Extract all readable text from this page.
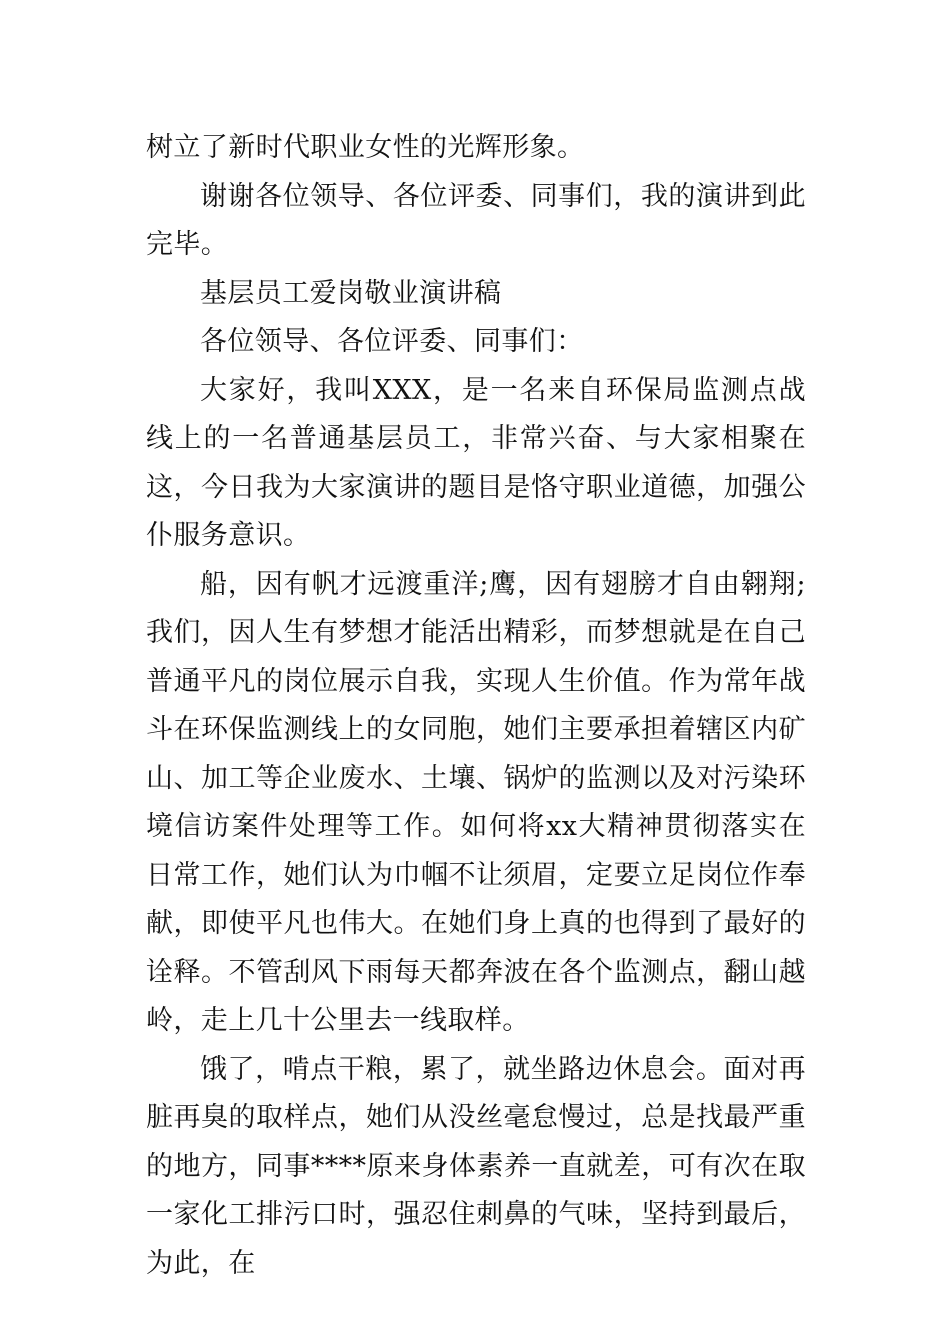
树立了新时代职业女性的光辉形象。

谢谢各位领导、各位评委、同事们，我的演讲到此完毕。

基层员工爱岗敬业演讲稿

各位领导、各位评委、同事们：

大家好，我叫XXX，是一名来自环保局监测点战线上的一名普通基层员工，非常兴奋、与大家相聚在这，今日我为大家演讲的题目是恪守职业道德，加强公仆服务意识。

船，因有帆才远渡重洋;鹰，因有翅膀才自由翱翔;我们，因人生有梦想才能活出精彩，而梦想就是在自己普通平凡的岗位展示自我，实现人生价值。作为常年战斗在环保监测线上的女同胞，她们主要承担着辖区内矿山、加工等企业废水、土壤、锅炉的监测以及对污染环境信访案件处理等工作。如何将xx大精神贯彻落实在日常工作，她们认为巾帼不让须眉，定要立足岗位作奉献，即使平凡也伟大。在她们身上真的也得到了最好的诠释。不管刮风下雨每天都奔波在各个监测点，翻山越岭，走上几十公里去一线取样。

饿了，啃点干粮，累了，就坐路边休息会。面对再脏再臭的取样点，她们从没丝毫怠慢过，总是找最严重的地方，同事****原来身体素养一直就差，可有次在取一家化工排污口时，强忍住刺鼻的气味，坚持到最后，为此，在
